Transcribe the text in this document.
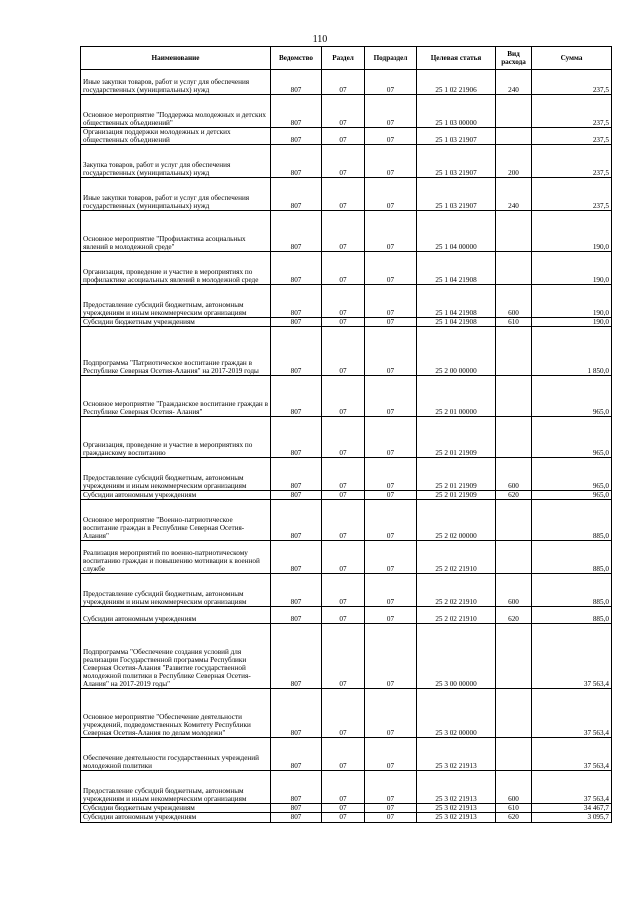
110
Наименование	Ведомство	Раздел	Подраздел	Целевая статья	Вид расхода	Сумма
Иные закупки товаров, работ и услуг для обеспечения государственных (муниципальных) нужд	807	07	07	25 1 02 21906	240	237,5
Основное мероприятие "Поддержка молодежных и детских общественных объединений"	807	07	07	25 1 03 00000		237,5
Организация поддержки молодежных и детских общественных объединений	807	07	07	25 1 03 21907		237,5
Закупка товаров, работ и услуг для обеспечения государственных (муниципальных) нужд	807	07	07	25 1 03 21907	200	237,5
Иные закупки товаров, работ и услуг для обеспечения государственных (муниципальных) нужд	807	07	07	25 1 03 21907	240	237,5
Основное мероприятие "Профилактика асоциальных явлений в молодежной среде"	807	07	07	25 1 04 00000		190,0
Организация, проведение и участие в мероприятиях по профилактике асоциальных явлений в молодежной среде	807	07	07	25 1 04 21908		190,0
Предоставление субсидий бюджетным, автономным учреждениям и иным некоммерческим организациям	807	07	07	25 1 04 21908	600	190,0
Субсидии бюджетным учреждениям	807	07	07	25 1 04 21908	610	190,0
Подпрограмма "Патриотическое воспитание граждан в Республике Северная Осетия-Алания" на 2017-2019 годы	807	07	07	25 2 00 00000		1 850,0
Основное мероприятие "Гражданское воспитание граждан в Республике Северная Осетия- Алания"	807	07	07	25 2 01 00000		965,0
Организация, проведение и участие в мероприятиях по гражданскому воспитанию	807	07	07	25 2 01 21909		965,0
Предоставление субсидий бюджетным, автономным учреждениям и иным некоммерческим организациям	807	07	07	25 2 01 21909	600	965,0
Субсидии автономным учреждениям	807	07	07	25 2 01 21909	620	965,0
Основное мероприятие "Военно-патриотическое воспитание граждан в Республике Северная Осетия- Алания"	807	07	07	25 2 02 00000		885,0
Реализация мероприятий по военно-патриотическому воспитанию граждан и повышению мотивации к военной службе	807	07	07	25 2 02 21910		885,0
Предоставление субсидий бюджетным, автономным учреждениям и иным некоммерческим организациям	807	07	07	25 2 02 21910	600	885,0
Субсидии автономным учреждениям	807	07	07	25 2 02 21910	620	885,0
Подпрограмма "Обеспечение создания условий для реализации Государственной программы Республики Северная Осетия-Алания "Развитие государственной молодежной политики в Республике Северная Осетия-Алания" на 2017-2019 годы"	807	07	07	25 3 00 00000		37 563,4
Основное мероприятие "Обеспечение деятельности учреждений, подведомственных Комитету Республики Северная Осетия-Алания по делам молодежи"	807	07	07	25 3 02 00000		37 563,4
Обеспечение деятельности государственных учреждений молодежной политики	807	07	07	25 3 02 21913		37 563,4
Предоставление субсидий бюджетным, автономным учреждениям и иным некоммерческим организациям	807	07	07	25 3 02 21913	600	37 563,4
Субсидии бюджетным учреждениям	807	07	07	25 3 02 21913	610	34 467,7
Субсидии автономным учреждениям	807	07	07	25 3 02 21913	620	3 095,7
